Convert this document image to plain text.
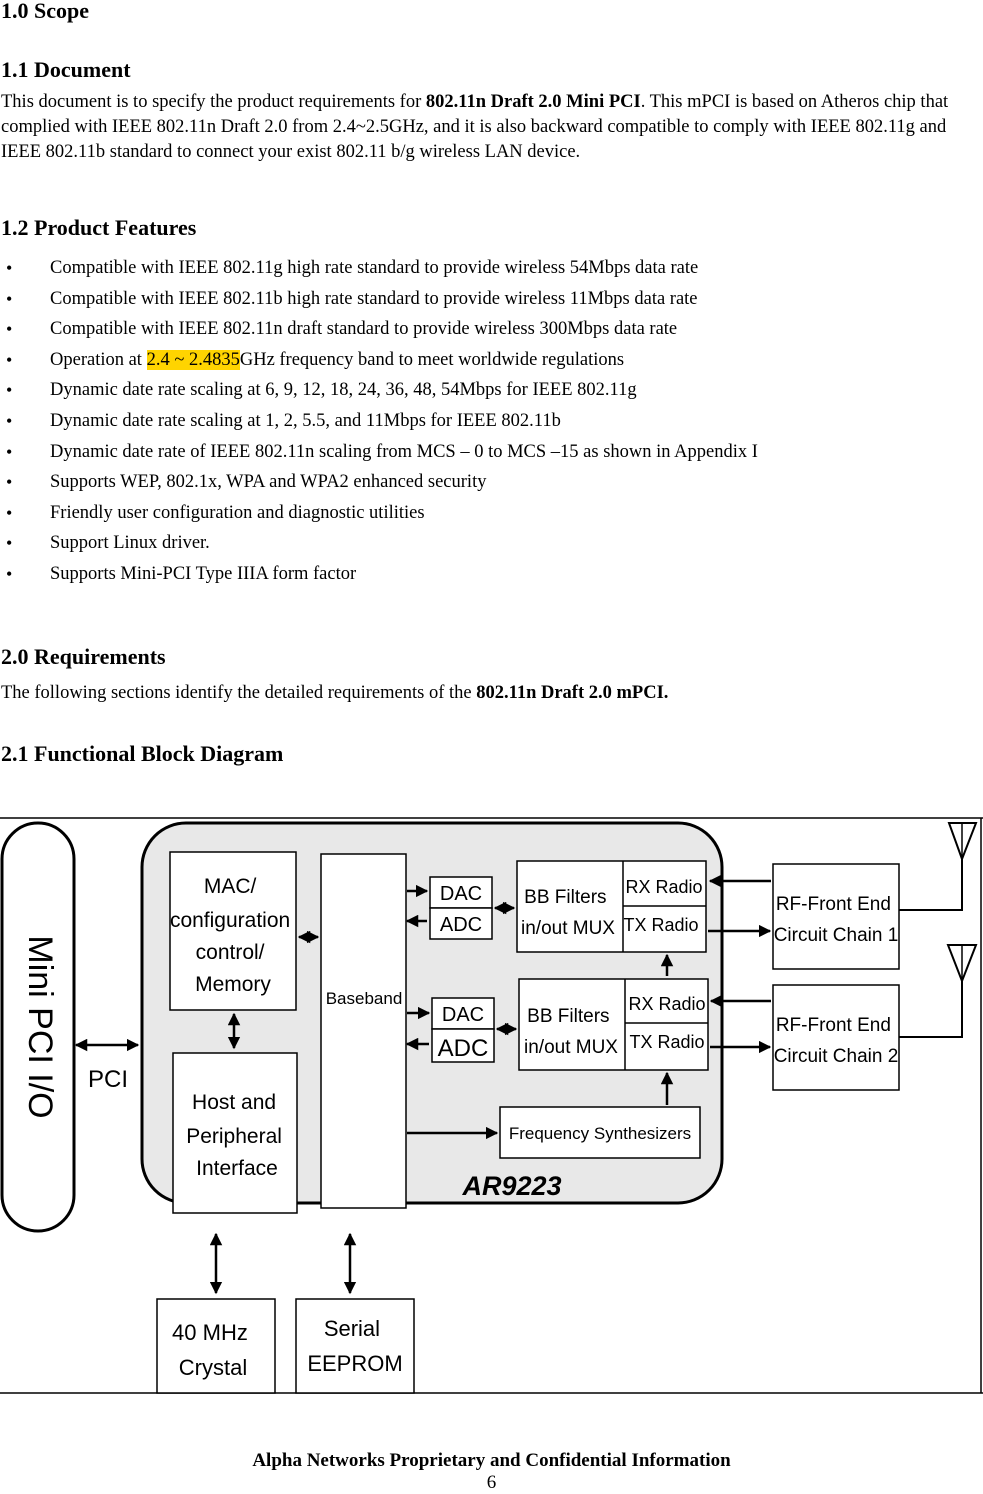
1.0 Scope
1.1 Document

This document is to specify the product requirements for 802.11n Draft 2.0 Mini PCI. This mPCI is based on Atheros chip that complied with IEEE 802.11n Draft 2.0 from 2.4~2.5GHz, and it is also backward compatible to comply with IEEE 802.11g and IEEE 802.11b standard to connect your exist 802.11 b/g wireless LAN device.

1.2 Product Features
• Compatible with IEEE 802.11g high rate standard to provide wireless 54Mbps data rate
• Compatible with IEEE 802.11b high rate standard to provide wireless 11Mbps data rate
• Compatible with IEEE 802.11n draft standard to provide wireless 300Mbps data rate
• Operation at 2.4 ~ 2.4835GHz frequency band to meet worldwide regulations
• Dynamic date rate scaling at 6, 9, 12, 18, 24, 36, 48, 54Mbps for IEEE 802.11g
• Dynamic date rate scaling at 1, 2, 5.5, and 11Mbps for IEEE 802.11b
• Dynamic date rate of IEEE 802.11n scaling from MCS – 0 to MCS –15 as shown in Appendix I
• Supports WEP, 802.1x, WPA and WPA2 enhanced security
• Friendly user configuration and diagnostic utilities
• Support Linux driver.
• Supports Mini-PCI Type IIIA form factor
2.0 Requirements

The following sections identify the detailed requirements of the 802.11n Draft 2.0 mPCI.

2.1 Functional Block Diagram
Mini PCI I/O PCI
AR9223
MAC/ configuration control/ Memory
Host and Peripheral Interface
Baseband
DAC
ADC
BB Filters in/out MUX
RX Radio
TX Radio
DAC
ADC
BB Filters in/out MUX
RX Radio
TX Radio
Frequency Synthesizers
RF-Front End Circuit Chain 1
RF-Front End Circuit Chain 2
40 MHz Crystal
Serial EEPROM
Alpha Networks Proprietary and Confidential Information
6
